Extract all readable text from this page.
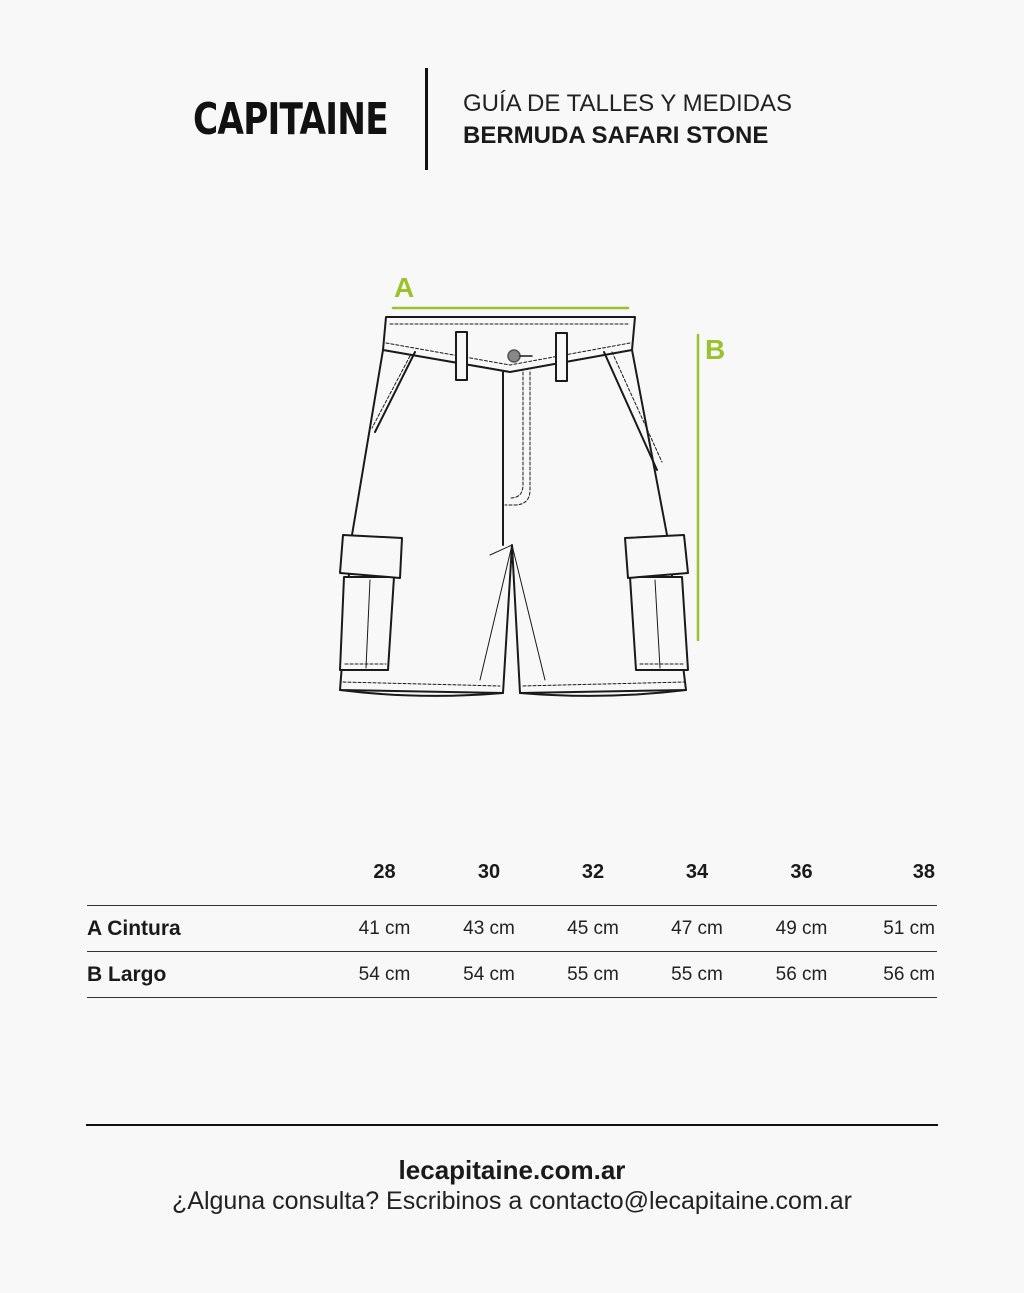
CAPITAINE	GUÍA DE TALLES Y MEDIDAS
BERMUDA SAFARI STONE
A
B
	28	30	32	34	36	38
A Cintura	41 cm	43 cm	45 cm	47 cm	49 cm	51 cm
B Largo	54 cm	54 cm	55 cm	55 cm	56 cm	56 cm
lecapitaine.com.ar
¿Alguna consulta? Escribinos a contacto@lecapitaine.com.ar
